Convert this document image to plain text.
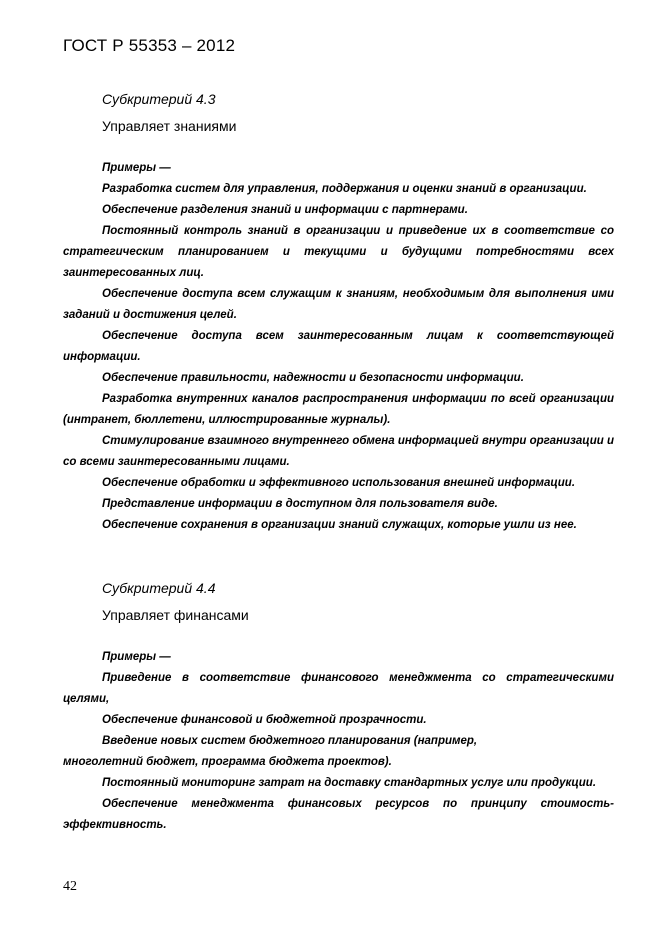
ГОСТ Р 55353 – 2012
Субкритерий 4.3
Управляет знаниями
Примеры —

Разработка систем для управления, поддержания и оценки знаний в организации.

Обеспечение разделения знаний и информации с партнерами.

Постоянный контроль знаний в организации и приведение их в соответствие со стратегическим планированием и текущими и будущими потребностями всех заинтересованных лиц.

Обеспечение доступа всем служащим к знаниям, необходимым для выполнения ими заданий и достижения целей.

Обеспечение доступа всем заинтересованным лицам к соответствующей информации.

Обеспечение правильности, надежности и безопасности информации.

Разработка внутренних каналов распространения информации по всей организации (интранет, бюллетени, иллюстрированные журналы).

Стимулирование взаимного внутреннего обмена информацией внутри организации и со всеми заинтересованными лицами.

Обеспечение обработки и эффективного использования внешней информации.

Представление информации в доступном для пользователя виде.

Обеспечение сохранения в организации знаний служащих, которые ушли из нее.

Субкритерий 4.4
Управляет финансами
Примеры —

Приведение в соответствие финансового менеджмента со стратегическими целями,

Обеспечение финансовой и бюджетной прозрачности.

Введение новых систем бюджетного планирования (например,

многолетний бюджет, программа бюджета проектов).

Постоянный мониторинг затрат на доставку стандартных услуг или продукции.

Обеспечение менеджмента финансовых ресурсов по принципу стоимость-эффективность.

42
